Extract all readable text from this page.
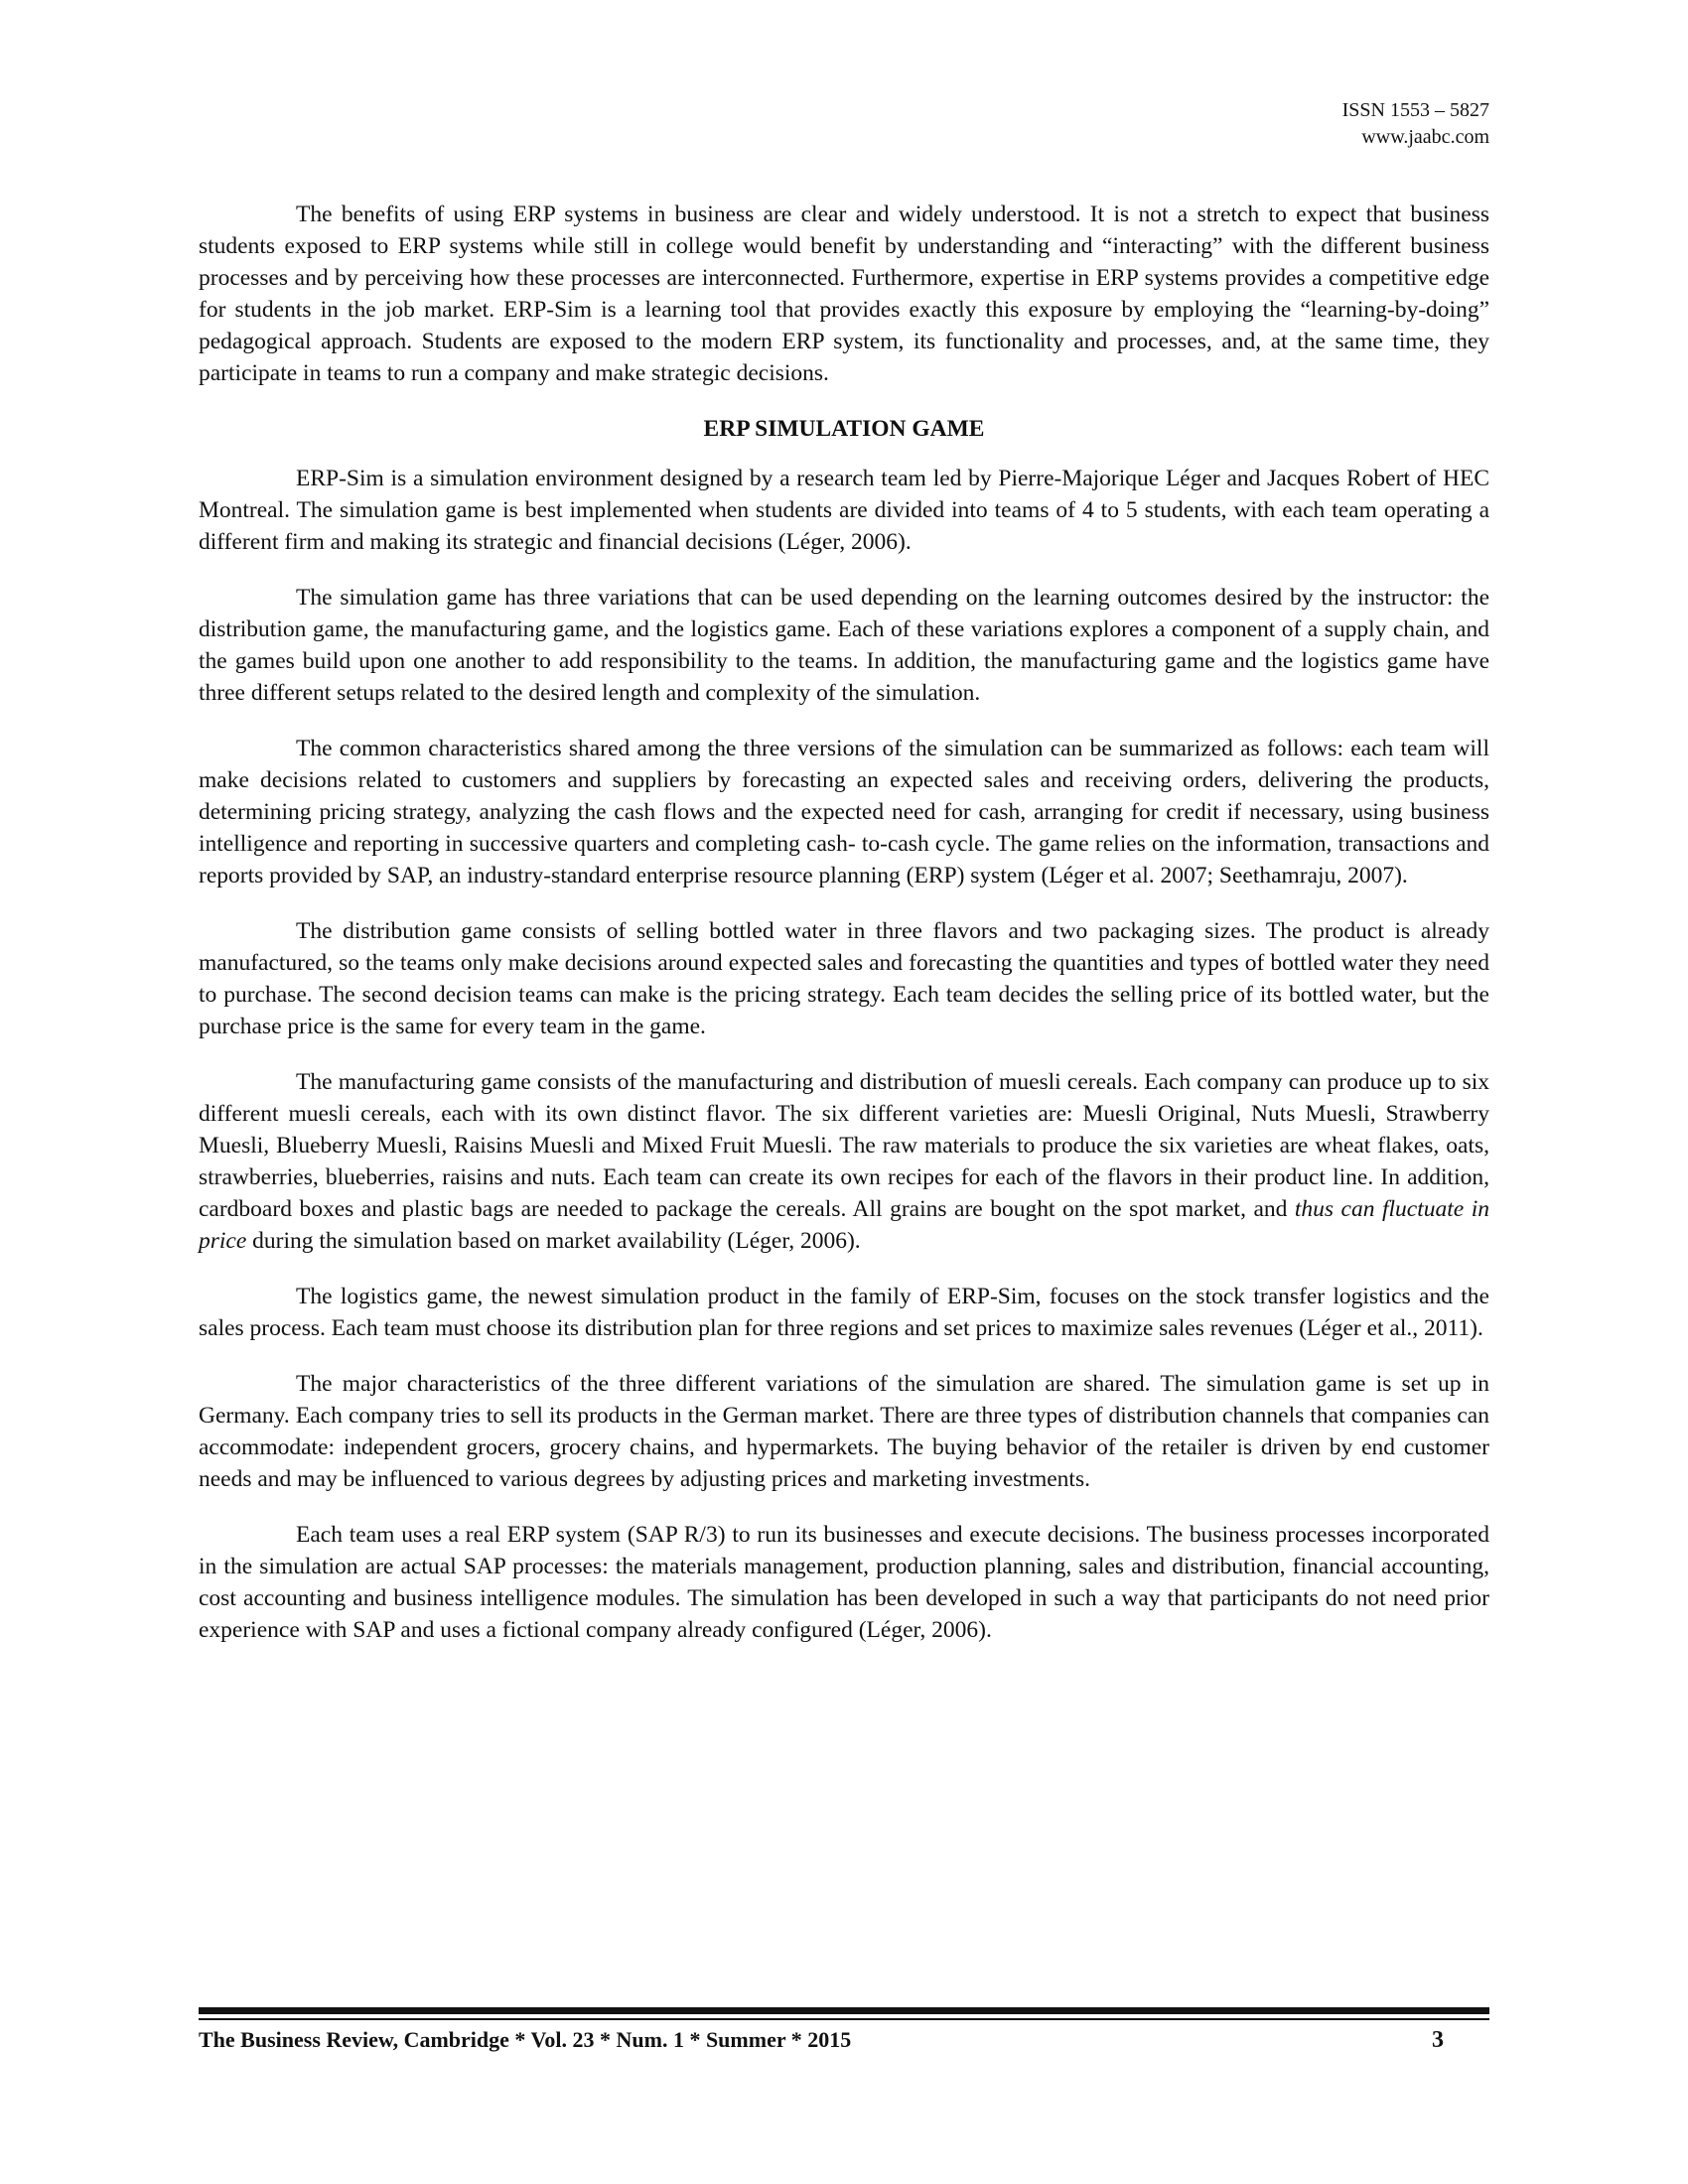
ISSN 1553 – 5827
www.jaabc.com

The benefits of using ERP systems in business are clear and widely understood. It is not a stretch to expect that business students exposed to ERP systems while still in college would benefit by understanding and “interacting” with the different business processes and by perceiving how these processes are interconnected. Furthermore, expertise in ERP systems provides a competitive edge for students in the job market. ERP-Sim is a learning tool that provides exactly this exposure by employing the “learning-by-doing” pedagogical approach. Students are exposed to the modern ERP system, its functionality and processes, and, at the same time, they participate in teams to run a company and make strategic decisions.

ERP SIMULATION GAME

ERP-Sim is a simulation environment designed by a research team led by Pierre-Majorique Léger and Jacques Robert of HEC Montreal. The simulation game is best implemented when students are divided into teams of 4 to 5 students, with each team operating a different firm and making its strategic and financial decisions (Léger, 2006).

The simulation game has three variations that can be used depending on the learning outcomes desired by the instructor: the distribution game, the manufacturing game, and the logistics game. Each of these variations explores a component of a supply chain, and the games build upon one another to add responsibility to the teams. In addition, the manufacturing game and the logistics game have three different setups related to the desired length and complexity of the simulation.

The common characteristics shared among the three versions of the simulation can be summarized as follows: each team will make decisions related to customers and suppliers by forecasting an expected sales and receiving orders, delivering the products, determining pricing strategy, analyzing the cash flows and the expected need for cash, arranging for credit if necessary, using business intelligence and reporting in successive quarters and completing cash- to-cash cycle. The game relies on the information, transactions and reports provided by SAP, an industry-standard enterprise resource planning (ERP) system (Léger et al. 2007; Seethamraju, 2007).

The distribution game consists of selling bottled water in three flavors and two packaging sizes. The product is already manufactured, so the teams only make decisions around expected sales and forecasting the quantities and types of bottled water they need to purchase. The second decision teams can make is the pricing strategy. Each team decides the selling price of its bottled water, but the purchase price is the same for every team in the game.

The manufacturing game consists of the manufacturing and distribution of muesli cereals. Each company can produce up to six different muesli cereals, each with its own distinct flavor. The six different varieties are: Muesli Original, Nuts Muesli, Strawberry Muesli, Blueberry Muesli, Raisins Muesli and Mixed Fruit Muesli. The raw materials to produce the six varieties are wheat flakes, oats, strawberries, blueberries, raisins and nuts. Each team can create its own recipes for each of the flavors in their product line. In addition, cardboard boxes and plastic bags are needed to package the cereals. All grains are bought on the spot market, and thus can fluctuate in price during the simulation based on market availability (Léger, 2006).

The logistics game, the newest simulation product in the family of ERP-Sim, focuses on the stock transfer logistics and the sales process. Each team must choose its distribution plan for three regions and set prices to maximize sales revenues (Léger et al., 2011).

The major characteristics of the three different variations of the simulation are shared. The simulation game is set up in Germany. Each company tries to sell its products in the German market. There are three types of distribution channels that companies can accommodate: independent grocers, grocery chains, and hypermarkets. The buying behavior of the retailer is driven by end customer needs and may be influenced to various degrees by adjusting prices and marketing investments.

Each team uses a real ERP system (SAP R/3) to run its businesses and execute decisions. The business processes incorporated in the simulation are actual SAP processes: the materials management, production planning, sales and distribution, financial accounting, cost accounting and business intelligence modules. The simulation has been developed in such a way that participants do not need prior experience with SAP and uses a fictional company already configured (Léger, 2006).

The Business Review, Cambridge * Vol. 23 * Num. 1 * Summer * 2015	3
